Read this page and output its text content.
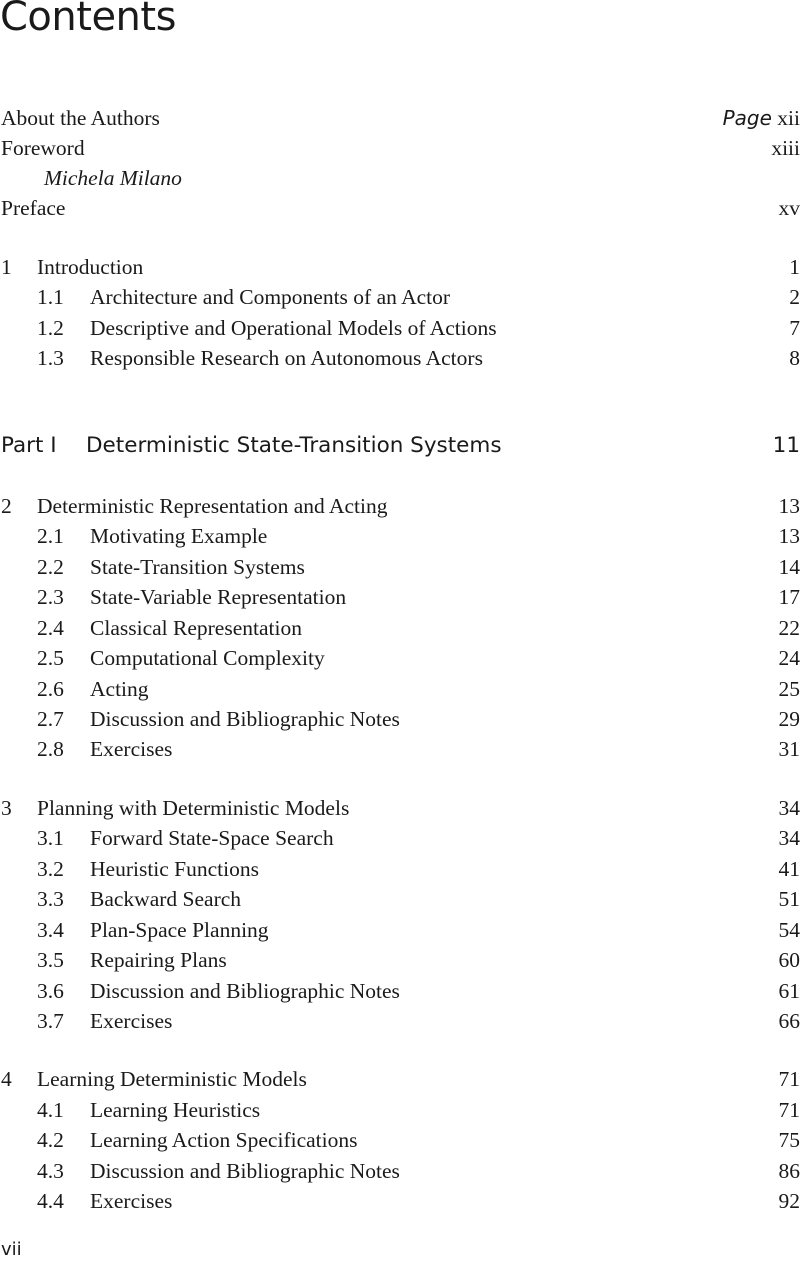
Contents
About the Authors	Page xii
Foreword	xiii
Michela Milano
Preface	xv
1 Introduction	1
1.1 Architecture and Components of an Actor	2
1.2 Descriptive and Operational Models of Actions	7
1.3 Responsible Research on Autonomous Actors	8
Part I Deterministic State-Transition Systems	11
2 Deterministic Representation and Acting	13
2.1 Motivating Example	13
2.2 State-Transition Systems	14
2.3 State-Variable Representation	17
2.4 Classical Representation	22
2.5 Computational Complexity	24
2.6 Acting	25
2.7 Discussion and Bibliographic Notes	29
2.8 Exercises	31
3 Planning with Deterministic Models	34
3.1 Forward State-Space Search	34
3.2 Heuristic Functions	41
3.3 Backward Search	51
3.4 Plan-Space Planning	54
3.5 Repairing Plans	60
3.6 Discussion and Bibliographic Notes	61
3.7 Exercises	66
4 Learning Deterministic Models	71
4.1 Learning Heuristics	71
4.2 Learning Action Specifications	75
4.3 Discussion and Bibliographic Notes	86
4.4 Exercises	92
vii
